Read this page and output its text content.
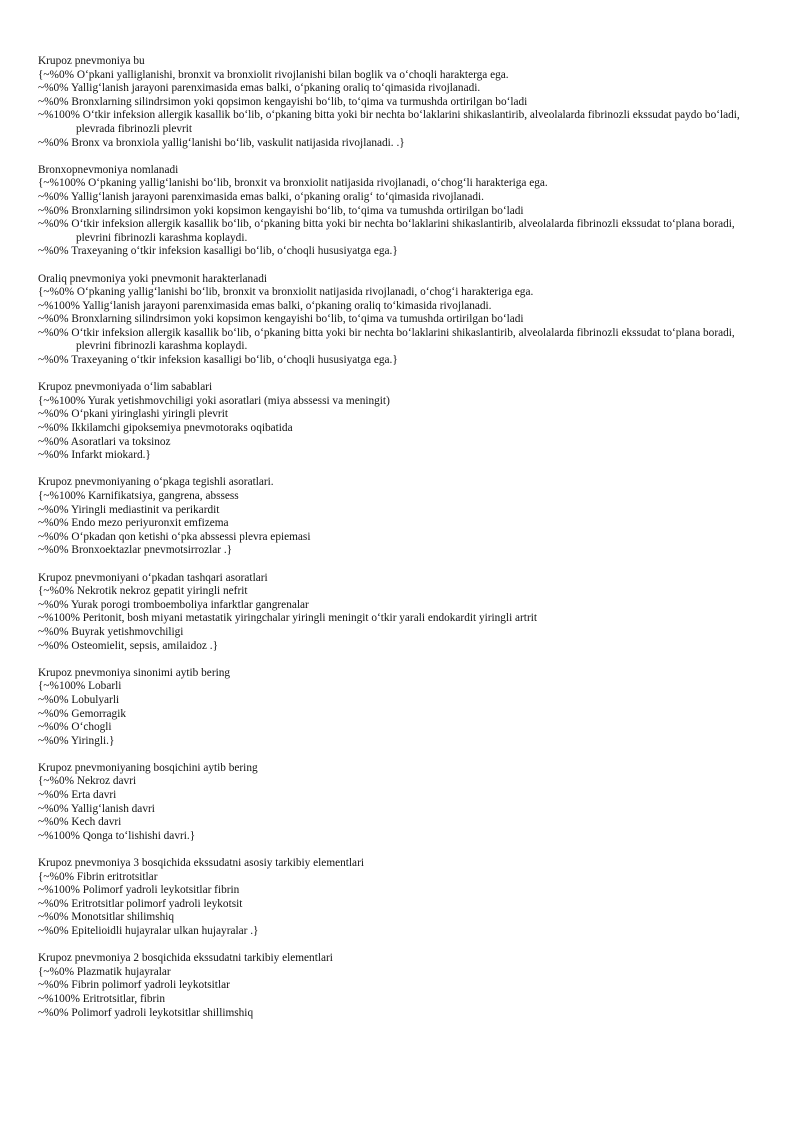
Krupoz pnevmoniya bu
{~%0% O‘pkani yalliglanishi, bronxit va bronxiolit rivojlanishi bilan boglik va o‘choqli harakterga ega.
~%0% Yallig‘lanish jarayoni parenximasida emas balki, o‘pkaning oraliq to‘qimasida rivojlanadi.
~%0% Bronxlarning silindrsimon yoki qopsimon kengayishi bo‘lib, to‘qima va turmushda ortirilgan bo‘ladi
~%100% O‘tkir infeksion allergik kasallik bo‘lib, o‘pkaning bitta yoki bir nechta bo‘laklarini shikaslantirib, alveolalarda fibrinozli ekssudat paydo bo‘ladi, plevrada fibrinozli plevrit
~%0% Bronx va bronxiola yallig‘lanishi bo‘lib, vaskulit natijasida rivojlanadi. .}
Bronxopnevmoniya nomlanadi
{~%100% O‘pkaning yallig‘lanishi bo‘lib, bronxit va bronxiolit natijasida rivojlanadi, o‘chog‘li harakteriga ega.
~%0% Yallig‘lanish jarayoni parenximasida emas balki, o‘pkaning oralig‘ to‘qimasida rivojlanadi.
~%0% Bronxlarning silindrsimon yoki kopsimon kengayishi bo‘lib, to‘qima va tumushda ortirilgan bo‘ladi
~%0% O‘tkir infeksion allergik kasallik bo‘lib, o‘pkaning bitta yoki bir nechta bo‘laklarini shikaslantirib, alveolalarda fibrinozli ekssudat to‘plana boradi, plevrini fibrinozli karashma koplaydi.
~%0% Traxeyaning o‘tkir infeksion kasalligi bo‘lib, o‘choqli hususiyatga ega.}
Oraliq pnevmoniya yoki pnevmonit harakterlanadi
{~%0% O‘pkaning yallig‘lanishi bo‘lib, bronxit va bronxiolit natijasida rivojlanadi, o‘chog‘i harakteriga ega.
~%100% Yallig‘lanish jarayoni parenximasida emas balki, o‘pkaning oraliq to‘kimasida rivojlanadi.
~%0% Bronxlarning silindrsimon yoki kopsimon kengayishi bo‘lib, to‘qima va tumushda ortirilgan bo‘ladi
~%0% O‘tkir infeksion allergik kasallik bo‘lib, o‘pkaning bitta yoki bir nechta bo‘laklarini shikaslantirib, alveolalarda fibrinozli ekssudat to‘plana boradi, plevrini fibrinozli karashma koplaydi.
~%0% Traxeyaning o‘tkir infeksion kasalligi bo‘lib, o‘choqli hususiyatga ega.}
Krupoz pnevmoniyada o‘lim sabablari
{~%100% Yurak yetishmovchiligi yoki asoratlari (miya abssessi va meningit)
~%0% O‘pkani yiringlashi yiringli plevrit
~%0% Ikkilamchi gipoksemiya pnevmotoraks oqibatida
~%0% Asoratlari va toksinoz
~%0% Infarkt miokard.}
Krupoz pnevmoniyaning o‘pkaga tegishli asoratlari.
{~%100% Karnifikatsiya, gangrena, abssess
~%0% Yiringli mediastinit va perikardit
~%0% Endo mezo periyuronxit emfizema
~%0% O‘pkadan qon ketishi o‘pka abssessi plevra epiemasi
~%0% Bronxoektazlar pnevmotsirrozlar .}
Krupoz pnevmoniyani o‘pkadan tashqari asoratlari
{~%0% Nekrotik nekroz gepatit yiringli nefrit
~%0% Yurak porogi tromboemboliya infarktlar gangrenalar
~%100% Peritonit, bosh miyani metastatik yiringchalar yiringli meningit o‘tkir yarali endokardit yiringli artrit
~%0% Buyrak yetishmovchiligi
~%0% Osteomielit, sepsis, amilaidoz .}
Krupoz pnevmoniya sinonimi aytib bering
{~%100% Lobarli
~%0% Lobulyarli
~%0% Gemorragik
~%0% O‘chogli
~%0% Yiringli.}
Krupoz pnevmoniyaning bosqichini aytib bering
{~%0% Nekroz davri
~%0% Erta davri
~%0% Yallig‘lanish davri
~%0% Kech davri
~%100% Qonga to‘lishishi davri.}
Krupoz pnevmoniya 3 bosqichida ekssudatni asosiy tarkibiy elementlari
{~%0% Fibrin eritrotsitlar
~%100% Polimorf yadroli leykotsitlar fibrin
~%0% Eritrotsitlar polimorf yadroli leykotsit
~%0% Monotsitlar shilimshiq
~%0% Epitelioidli hujayralar ulkan hujayralar .}
Krupoz pnevmoniya 2 bosqichida ekssudatni tarkibiy elementlari
{~%0% Plazmatik hujayralar
~%0% Fibrin polimorf yadroli leykotsitlar
~%100% Eritrotsitlar, fibrin
~%0% Polimorf yadroli leykotsitlar shillimshiq
